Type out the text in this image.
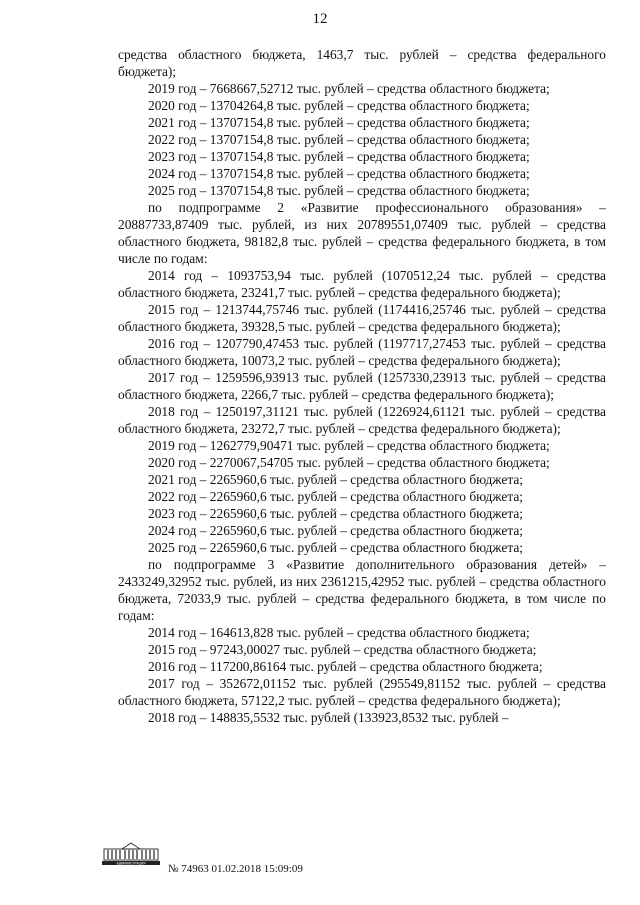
12

средства областного бюджета, 1463,7 тыс. рублей – средства федерального бюджета);

2019 год – 7668667,52712 тыс. рублей – средства областного бюджета;

2020 год – 13704264,8 тыс. рублей – средства областного бюджета;

2021 год – 13707154,8 тыс. рублей – средства областного бюджета;

2022 год – 13707154,8 тыс. рублей – средства областного бюджета;

2023 год – 13707154,8 тыс. рублей – средства областного бюджета;

2024 год – 13707154,8 тыс. рублей – средства областного бюджета;

2025 год – 13707154,8 тыс. рублей – средства областного бюджета;

по подпрограмме 2 «Развитие профессионального образования» – 20887733,87409 тыс. рублей, из них 20789551,07409 тыс. рублей – средства областного бюджета, 98182,8 тыс. рублей – средства федерального бюджета, в том числе по годам:

2014 год – 1093753,94 тыс. рублей (1070512,24 тыс. рублей – средства областного бюджета, 23241,7 тыс. рублей – средства федерального бюджета);

2015 год – 1213744,75746 тыс. рублей (1174416,25746 тыс. рублей – средства областного бюджета, 39328,5 тыс. рублей – средства федерального бюджета);

2016 год – 1207790,47453 тыс. рублей (1197717,27453 тыс. рублей – средства областного бюджета, 10073,2 тыс. рублей – средства федерального бюджета);

2017 год – 1259596,93913 тыс. рублей (1257330,23913 тыс. рублей – средства областного бюджета, 2266,7 тыс. рублей – средства федерального бюджета);

2018 год – 1250197,31121 тыс. рублей (1226924,61121 тыс. рублей – средства областного бюджета, 23272,7 тыс. рублей – средства федерального бюджета);

2019 год – 1262779,90471 тыс. рублей – средства областного бюджета;

2020 год – 2270067,54705 тыс. рублей – средства областного бюджета;

2021 год – 2265960,6 тыс. рублей – средства областного бюджета;

2022 год – 2265960,6 тыс. рублей – средства областного бюджета;

2023 год – 2265960,6 тыс. рублей – средства областного бюджета;

2024 год – 2265960,6 тыс. рублей – средства областного бюджета;

2025 год – 2265960,6 тыс. рублей – средства областного бюджета;

по подпрограмме 3 «Развитие дополнительного образования детей» – 2433249,32952 тыс. рублей, из них 2361215,42952 тыс. рублей – средства областного бюджета, 72033,9 тыс. рублей – средства федерального бюджета, в том числе по годам:

2014 год – 164613,828 тыс. рублей – средства областного бюджета;

2015 год – 97243,00027 тыс. рублей – средства областного бюджета;

2016 год – 117200,86164 тыс. рублей – средства областного бюджета;

2017 год – 352672,01152 тыс. рублей (295549,81152 тыс. рублей – средства областного бюджета, 57122,2 тыс. рублей – средства федерального бюджета);

2018 год – 148835,5532 тыс. рублей (133923,8532 тыс. рублей –

АДМИНИСТРАЦИЯ № 74963 01.02.2018 15:09:09
